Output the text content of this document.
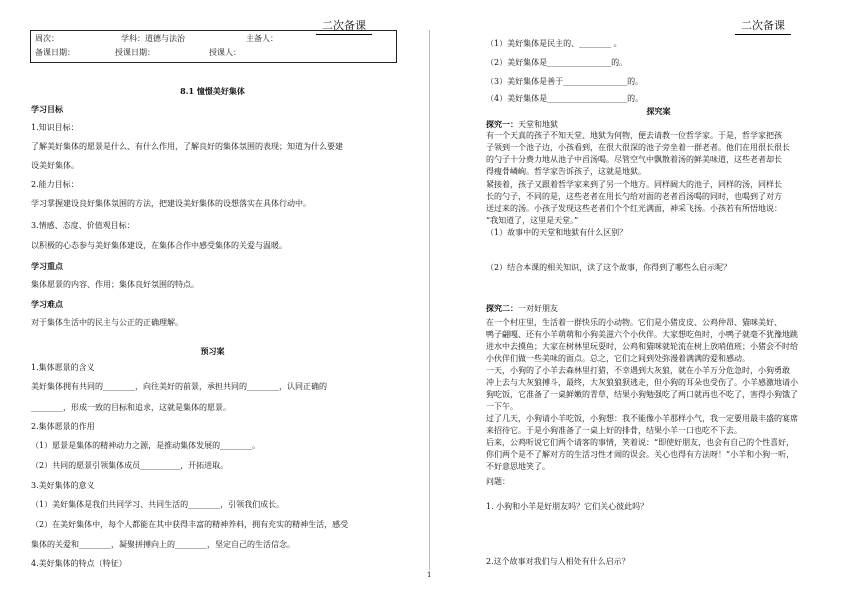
二次备课	二次备课
周次：	学科：道德与法治	主备人：
备课日期：	授课日期：	授课人：
8.1 憧憬美好集体
学习目标
1.知识目标：
了解美好集体的愿景是什么、有什么作用，了解良好的集体氛围的表现；知道为什么要建
设美好集体。
2.能力目标：
学习掌握建设良好集体氛围的方法，把建设美好集体的设想落实在具体行动中。
3.情感、态度、价值观目标：
以积极的心态参与美好集体建设，在集体合作中感受集体的关爱与温暖。
学习重点
集体愿景的内容、作用；集体良好氛围的特点。
学习难点
对于集体生活中的民主与公正的正确理解。
预习案
1.集体愿景的含义
美好集体拥有共同的________，向往美好的前景，承担共同的________，认同正确的
________，形成一致的目标和追求，这就是集体的愿景。
2.集体愿景的作用
（1）愿景是集体的精神动力之源，是推动集体发展的________。
（2）共同的愿景引领集体成员__________，开拓进取。
3.美好集体的意义
（1）美好集体是我们共同学习、共同生活的________，引领我们成长。
（2）在美好集体中，每个人都能在其中获得丰富的精神养料，拥有充实的精神生活，感受
集体的关爱和________，凝聚拼搏向上的________，坚定自己的生活信念。
4.美好集体的特点（特征）
1
（1）美好集体是民主的、________ 。
（2）美好集体是________________的。
（3）美好集体是善于________________的。
（4）美好集体是____________________的。
探究案
探究一：天堂和地狱
有一个天真的孩子不知天堂、地狱为何物，便去请教一位哲学家。于是，哲学家把孩
子领到一个池子边，小孩看到，在很大很深的池子旁坐着一群老者。他们在用很长很长
的勺子十分费力地从池子中舀汤喝。尽管空气中飘散着汤的鲜美味道，这些老者却长
得瘦骨嶙峋。哲学家告诉孩子，这就是地狱。
紧接着，孩子又跟着哲学家来到了另一个地方。同样阔大的池子，同样的汤，同样长
长的勺子，不同的是，这些老者在用长勺给对面的老者舀汤喝的同时，也喝到了对方
送过来的汤。小孩子发现这些老者们个个红光满面，神采飞扬。小孩若有所悟地说：
“我知道了，这里是天堂。”
（1）故事中的天堂和地狱有什么区别？
（2）结合本课的相关知识，读了这个故事，你得到了哪些么启示呢？
探究二：一对好朋友
在一个村庄里，生活着一群快乐的小动物。它们是小猪皮皮、公鸡仲昂、猫咪美好、
鸭子翩嘎、还有小羊萌萌和小狗美滋六个小伙伴。大家想吃鱼时，小鸭子就毫不犹豫地跳
进水中去摸鱼；大家在树林里玩耍时，公鸡和猫咪就轮流在树上放哨值班；小猪会不时给
小伙伴们做一些美味的面点。总之，它们之间到处弥漫着满满的爱和感动。
一天，小狗的了小羊去森林里打猎，不幸遇到大灰狼，就在小羊万分危急时，小狗勇敢
冲上去与大灰狼搏斗，最终，大灰狼狼狈逃走，但小狗的耳朵也受伤了。小羊感激地请小
狗吃饭，它准备了一桌鲜嫩的青草，结果小狗勉强吃了两口就再也不吃了，害得小狗饿了
一下午。
过了几天，小狗请小羊吃饭，小狗想：我不能像小羊那样小气，我一定要用最丰盛的宴席
来招待它。于是小狗准备了一桌上好的排骨，结果小羊一口也吃不下去。
后来，公鸡听说它们两个请客的事情，笑着说：“即使好朋友，也会有自己的个性喜好，
你们两个是不了解对方的生活习性才闹的误会。关心也得有方法呀！”小羊和小狗一听，
不好意思地笑了。
问题：
1. 小狗和小羊是好朋友吗？它们关心彼此吗？
2.这个故事对我们与人相处有什么启示？
